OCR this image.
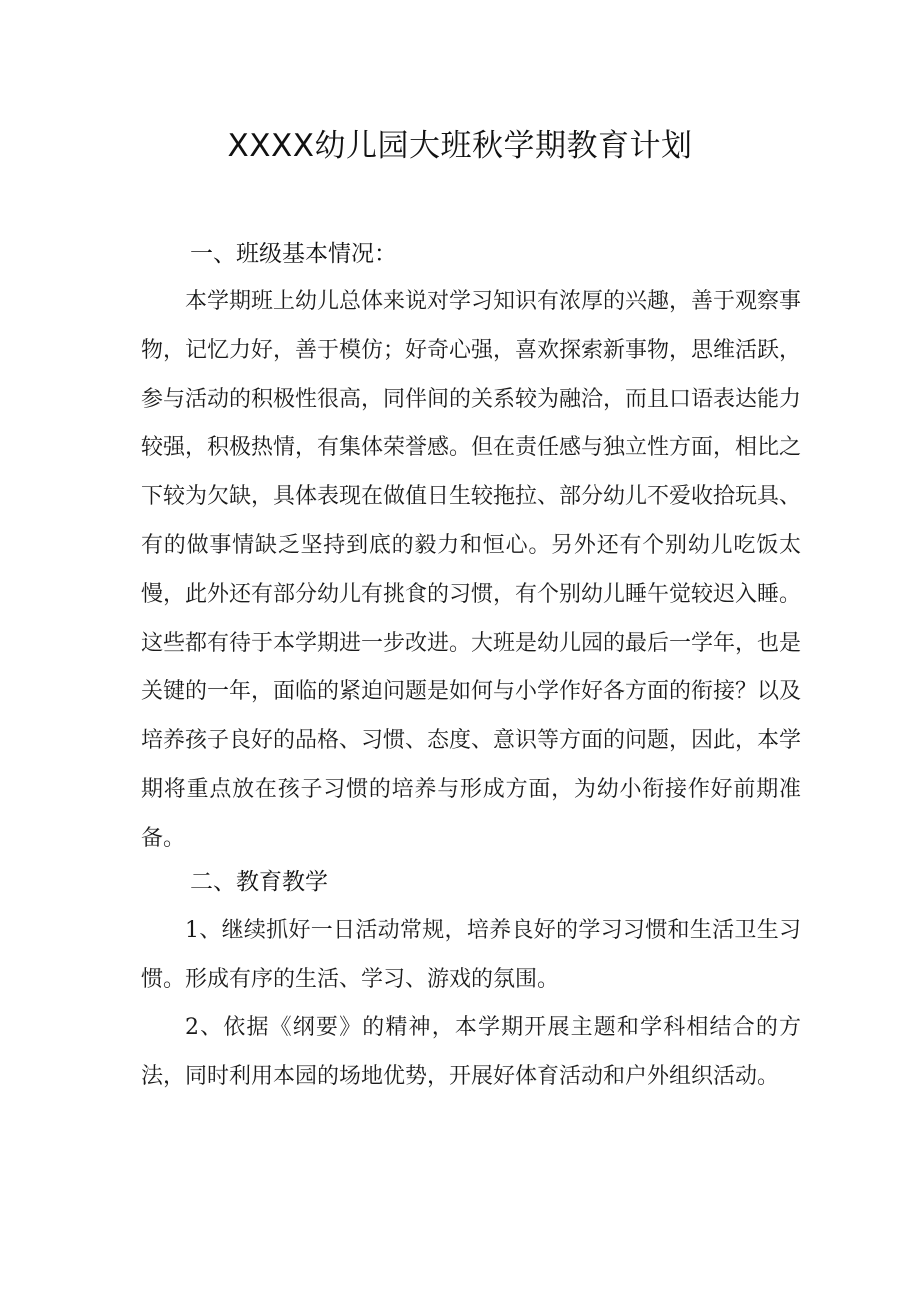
XXXX幼儿园大班秋学期教育计划
一、班级基本情况：
本学期班上幼儿总体来说对学习知识有浓厚的兴趣，善于观察事物，记忆力好，善于模仿；好奇心强，喜欢探索新事物，思维活跃，参与活动的积极性很高，同伴间的关系较为融洽，而且口语表达能力较强，积极热情，有集体荣誉感。但在责任感与独立性方面，相比之下较为欠缺，具体表现在做值日生较拖拉、部分幼儿不爱收拾玩具、有的做事情缺乏坚持到底的毅力和恒心。另外还有个别幼儿吃饭太慢，此外还有部分幼儿有挑食的习惯，有个别幼儿睡午觉较迟入睡。这些都有待于本学期进一步改进。大班是幼儿园的最后一学年，也是关键的一年，面临的紧迫问题是如何与小学作好各方面的衔接？以及培养孩子良好的品格、习惯、态度、意识等方面的问题，因此，本学期将重点放在孩子习惯的培养与形成方面，为幼小衔接作好前期准备。
二、教育教学
1、继续抓好一日活动常规，培养良好的学习习惯和生活卫生习惯。形成有序的生活、学习、游戏的氛围。
2、依据《纲要》的精神，本学期开展主题和学科相结合的方法，同时利用本园的场地优势，开展好体育活动和户外组织活动。
